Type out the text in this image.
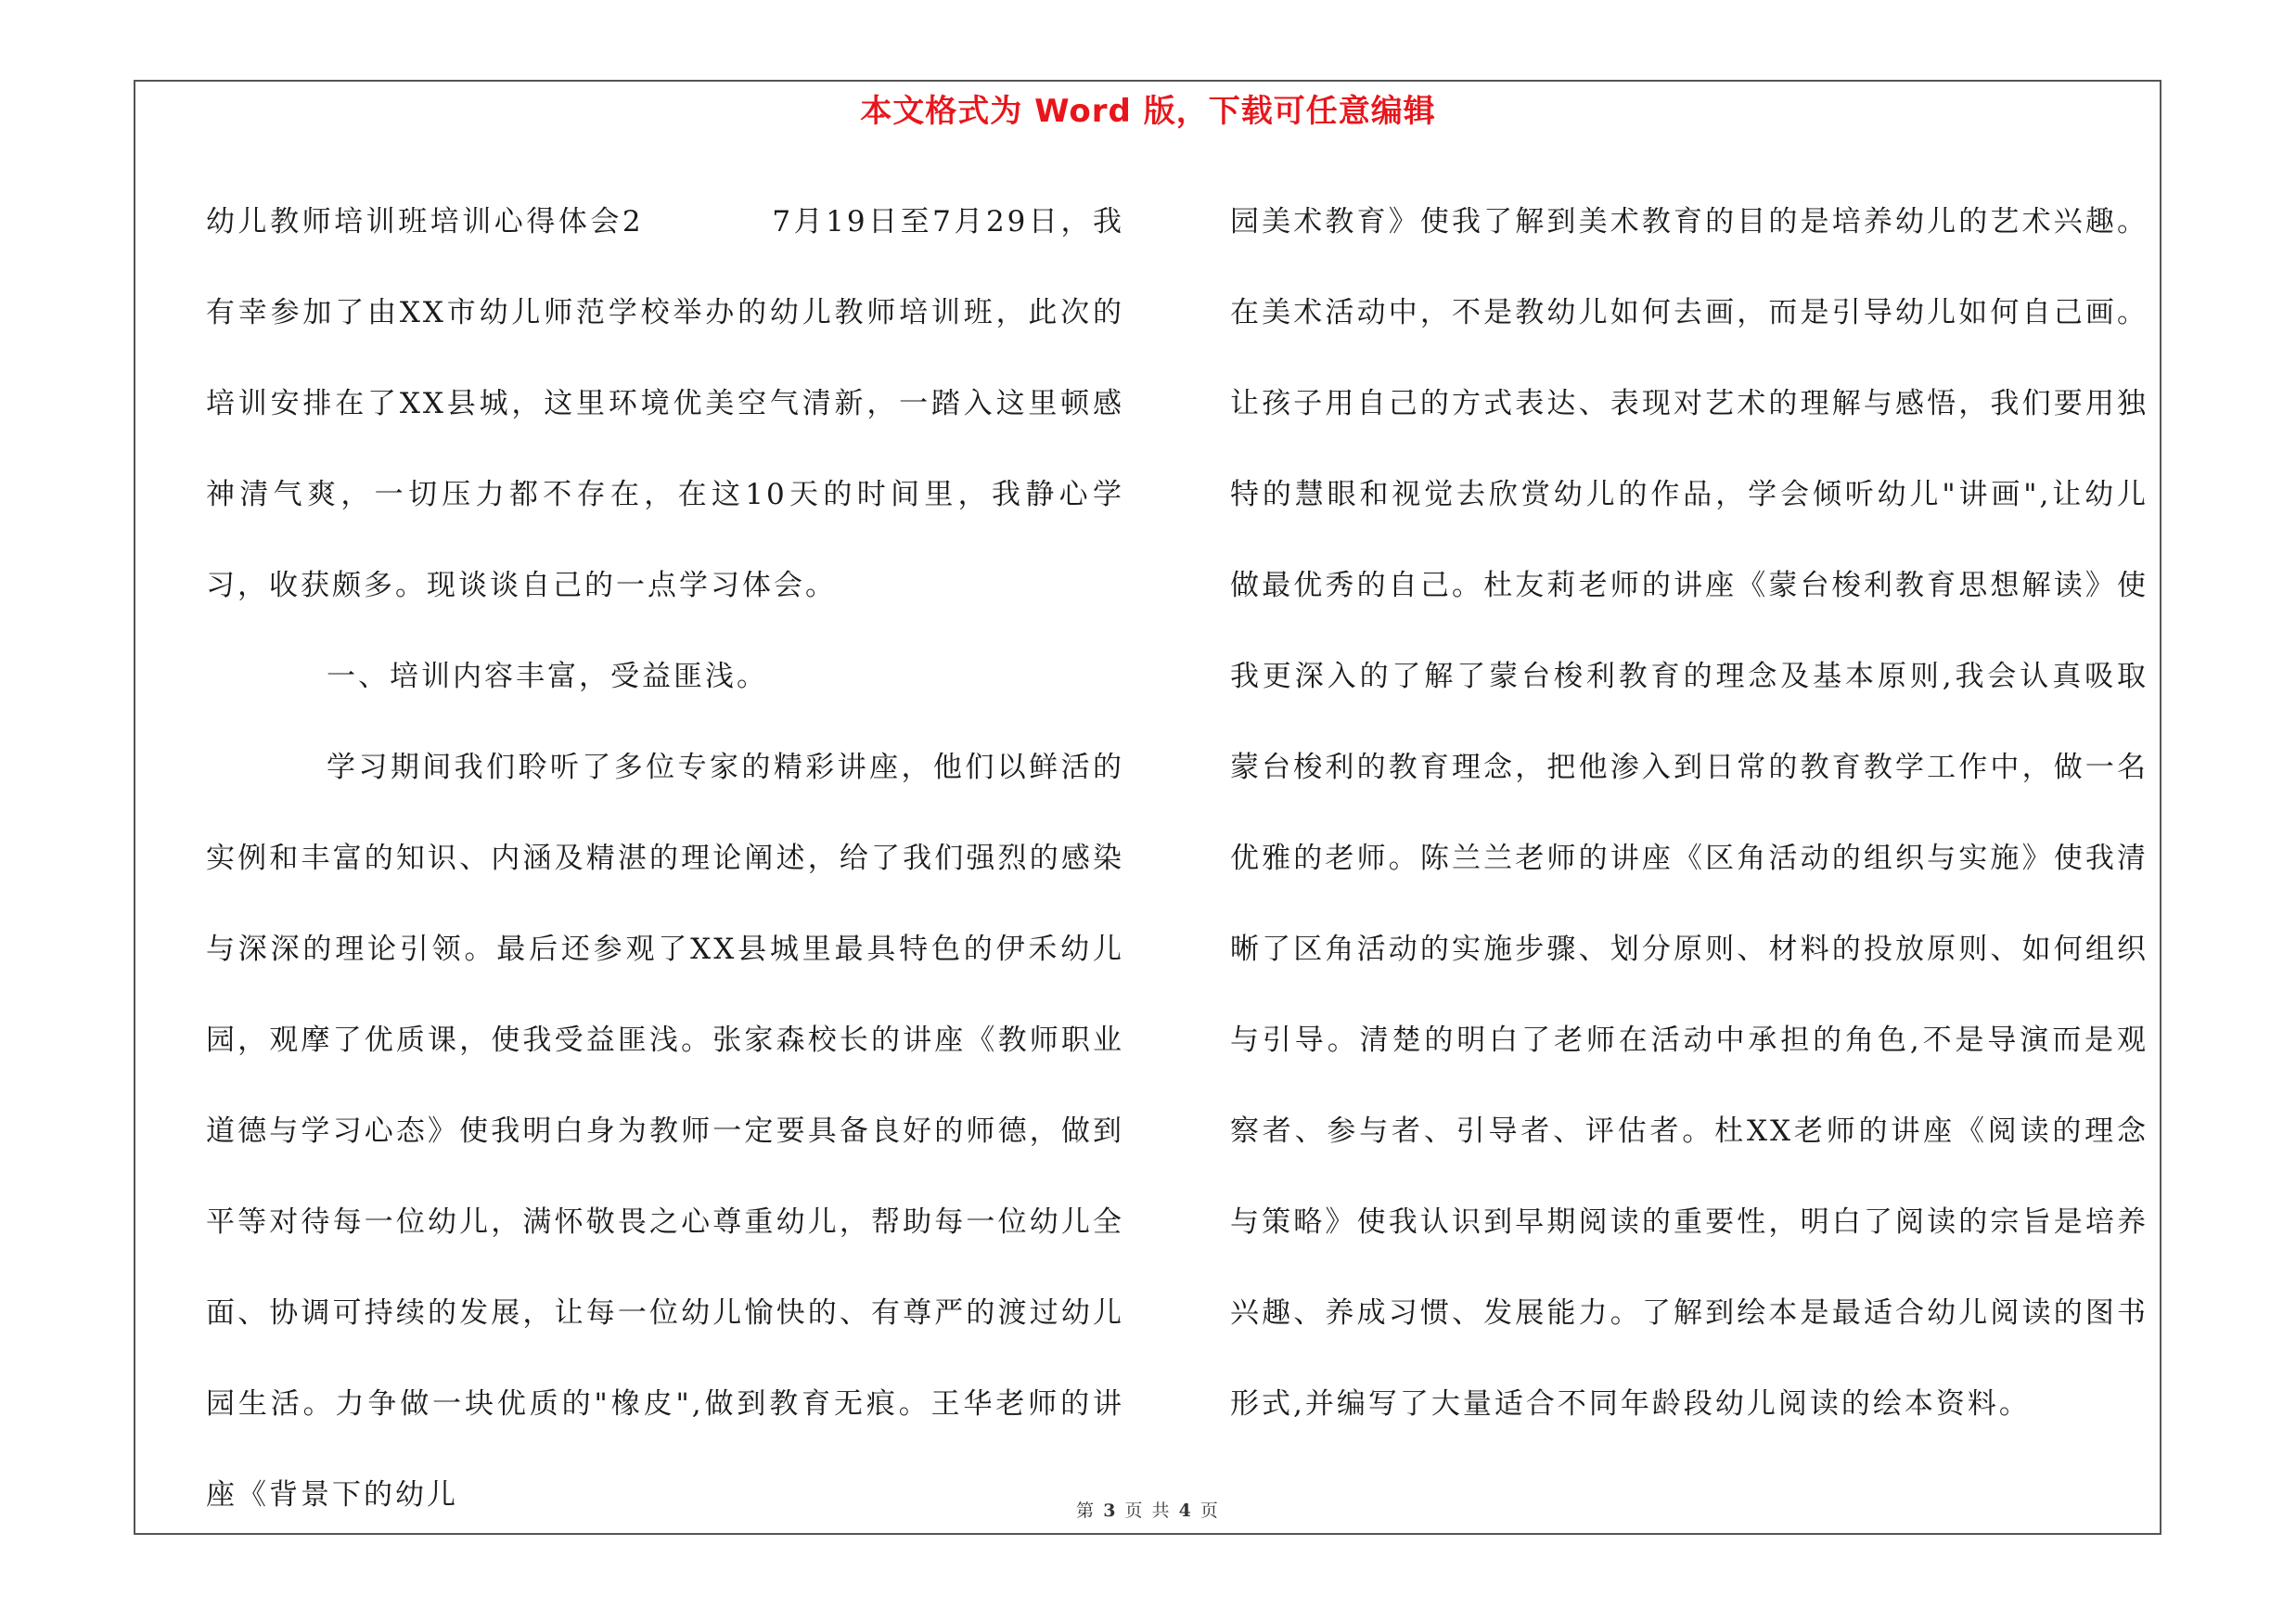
本文格式为 Word 版，下载可任意编辑

幼儿教师培训班培训心得体会2　　　　7月19日至7月29日，我有幸参加了由XX市幼儿师范学校举办的幼儿教师培训班，此次的培训安排在了XX县城，这里环境优美空气清新，一踏入这里顿感神清气爽，一切压力都不存在，在这10天的时间里，我静心学习，收获颇多。现谈谈自己的一点学习体会。

一、培训内容丰富，受益匪浅。

学习期间我们聆听了多位专家的精彩讲座，他们以鲜活的实例和丰富的知识、内涵及精湛的理论阐述，给了我们强烈的感染与深深的理论引领。最后还参观了XX县城里最具特色的伊禾幼儿园，观摩了优质课，使我受益匪浅。张家森校长的讲座《教师职业道德与学习心态》使我明白身为教师一定要具备良好的师德，做到平等对待每一位幼儿，满怀敬畏之心尊重幼儿，帮助每一位幼儿全面、协调可持续的发展，让每一位幼儿愉快的、有尊严的渡过幼儿园生活。力争做一块优质的"橡皮",做到教育无痕。王华老师的讲座《背景下的幼儿

园美术教育》使我了解到美术教育的目的是培养幼儿的艺术兴趣。在美术活动中，不是教幼儿如何去画，而是引导幼儿如何自己画。让孩子用自己的方式表达、表现对艺术的理解与感悟，我们要用独特的慧眼和视觉去欣赏幼儿的作品，学会倾听幼儿"讲画",让幼儿做最优秀的自己。杜友莉老师的讲座《蒙台梭利教育思想解读》使我更深入的了解了蒙台梭利教育的理念及基本原则,我会认真吸取蒙台梭利的教育理念，把他渗入到日常的教育教学工作中，做一名优雅的老师。陈兰兰老师的讲座《区角活动的组织与实施》使我清晰了区角活动的实施步骤、划分原则、材料的投放原则、如何组织与引导。清楚的明白了老师在活动中承担的角色,不是导演而是观察者、参与者、引导者、评估者。杜XX老师的讲座《阅读的理念与策略》使我认识到早期阅读的重要性，明白了阅读的宗旨是培养兴趣、养成习惯、发展能力。了解到绘本是最适合幼儿阅读的图书形式,并编写了大量适合不同年龄段幼儿阅读的绘本资料。

第 3 页 共 4 页
